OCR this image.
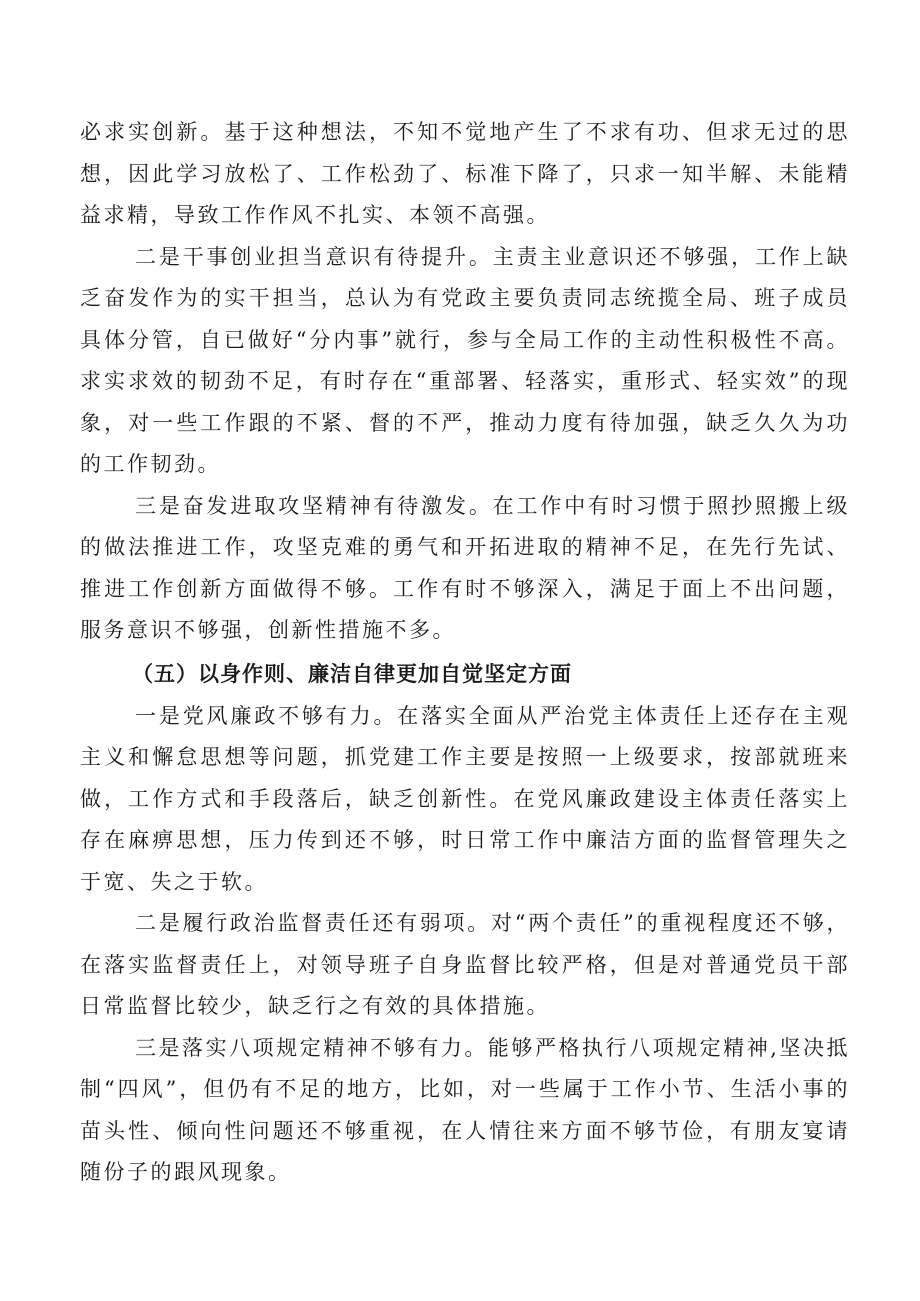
必求实创新。基于这种想法，不知不觉地产生了不求有功、但求无过的思想，因此学习放松了、工作松劲了、标准下降了，只求一知半解、未能精益求精，导致工作作风不扎实、本领不高强。

二是干事创业担当意识有待提升。主责主业意识还不够强，工作上缺乏奋发作为的实干担当，总认为有党政主要负责同志统揽全局、班子成员具体分管，自已做好“分内事”就行，参与全局工作的主动性积极性不高。求实求效的韧劲不足，有时存在“重部署、轻落实，重形式、轻实效”的现象，对一些工作跟的不紧、督的不严，推动力度有待加强，缺乏久久为功的工作韧劲。

三是奋发进取攻坚精神有待激发。在工作中有时习惯于照抄照搬上级的做法推进工作，攻坚克难的勇气和开拓进取的精神不足，在先行先试、推进工作创新方面做得不够。工作有时不够深入，满足于面上不出问题，服务意识不够强，创新性措施不多。

（五）以身作则、廉洁自律更加自觉坚定方面

一是党风廉政不够有力。在落实全面从严治党主体责任上还存在主观主义和懈怠思想等问题，抓党建工作主要是按照一上级要求，按部就班来做，工作方式和手段落后，缺乏创新性。在党风廉政建设主体责任落实上存在麻痹思想，压力传到还不够，时日常工作中廉洁方面的监督管理失之于宽、失之于软。

二是履行政治监督责任还有弱项。对“两个责任”的重视程度还不够，在落实监督责任上，对领导班子自身监督比较严格，但是对普通党员干部日常监督比较少，缺乏行之有效的具体措施。

三是落实八项规定精神不够有力。能够严格执行八项规定精神,坚决抵制“四风”，但仍有不足的地方，比如，对一些属于工作小节、生活小事的苗头性、倾向性问题还不够重视，在人情往来方面不够节俭，有朋友宴请随份子的跟风现象。
